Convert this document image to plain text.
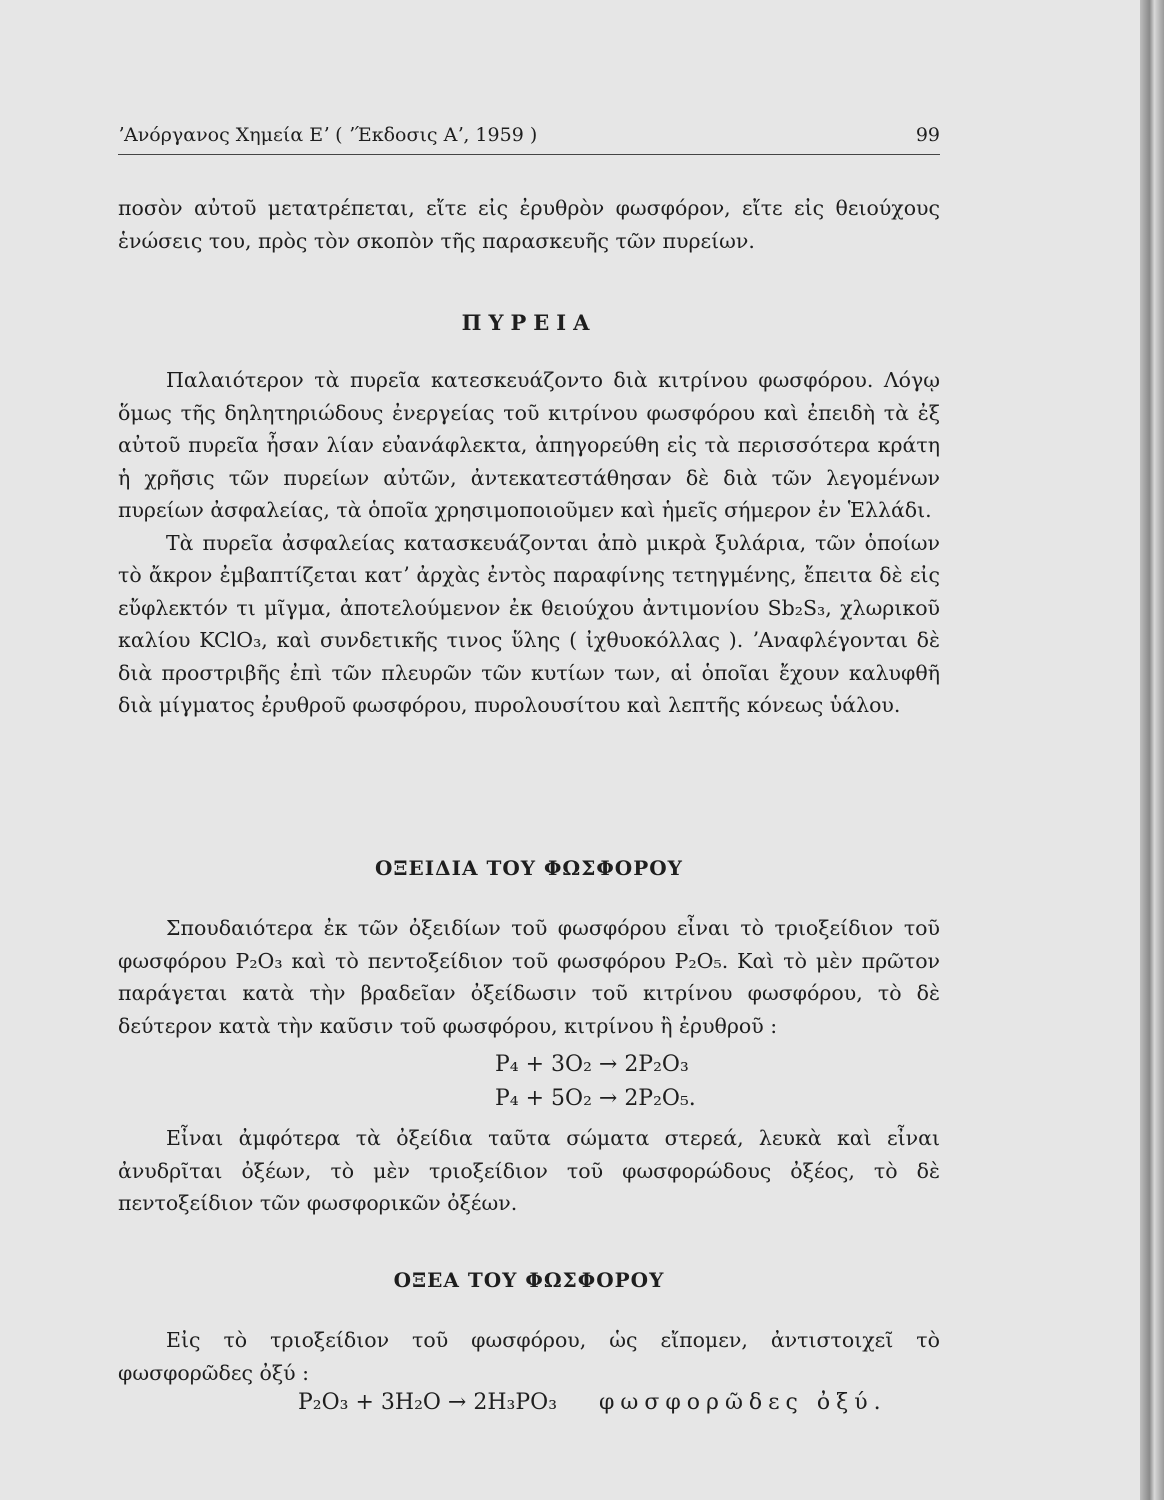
ʼΑνόργανος Χημεία Εʼ ( ʼΈκδοσις Αʼ, 1959 )	99

ποσὸν αὐτοῦ μετατρέπεται, εἴτε εἰς ἐρυθρὸν φωσφόρον, εἴτε εἰς θειούχους ἑνώσεις του, πρὸς τὸν σκοπὸν τῆς παρασκευῆς τῶν πυρείων.

ΠΥΡΕΙΑ

Παλαιότερον τὰ πυρεῖα κατεσκευάζοντο διὰ κιτρίνου φωσφόρου. Λόγῳ ὅμως τῆς δηλητηριώδους ἐνεργείας τοῦ κιτρίνου φωσφόρου καὶ ἐπειδὴ τὰ ἐξ αὐτοῦ πυρεῖα ἦσαν λίαν εὐανάφλεκτα, ἀπηγορεύθη εἰς τὰ περισσότερα κράτη ἡ χρῆσις τῶν πυρείων αὐτῶν, ἀντεκατεστάθησαν δὲ διὰ τῶν λεγομένων πυρείων ἀσφαλείας, τὰ ὁποῖα χρησιμοποιοῦμεν καὶ ἡμεῖς σήμερον ἐν Ἑλλάδι.

Τὰ πυρεῖα ἀσφαλείας κατασκευάζονται ἀπὸ μικρὰ ξυλάρια, τῶν ὁποίων τὸ ἄκρον ἐμβαπτίζεται κατʼ ἀρχὰς ἐντὸς παραφίνης τετηγμένης, ἔπειτα δὲ εἰς εὔφλεκτόν τι μῖγμα, ἀποτελούμενον ἐκ θειούχου ἀντιμονίου Sb₂S₃, χλωρικοῦ καλίου KClO₃, καὶ συνδετικῆς τινος ὕλης ( ἰχθυοκόλλας ). ʼΑναφλέγονται δὲ διὰ προστριβῆς ἐπὶ τῶν πλευρῶν τῶν κυτίων των, αἱ ὁποῖαι ἔχουν καλυφθῆ διὰ μίγματος ἐρυθροῦ φωσφόρου, πυρολουσίτου καὶ λεπτῆς κόνεως ὑάλου.

ΟΞΕΙΔΙΑ ΤΟΥ ΦΩΣΦΟΡΟΥ

Σπουδαιότερα ἐκ τῶν ὀξειδίων τοῦ φωσφόρου εἶναι τὸ τριοξείδιον τοῦ φωσφόρου P₂O₃ καὶ τὸ πεντοξείδιον τοῦ φωσφόρου P₂O₅. Καὶ τὸ μὲν πρῶτον παράγεται κατὰ τὴν βραδεῖαν ὀξείδωσιν τοῦ κιτρίνου φωσφόρου, τὸ δὲ δεύτερον κατὰ τὴν καῦσιν τοῦ φωσφόρου, κιτρίνου ἢ ἐρυθροῦ :

P₄ + 3O₂ → 2P₂O₃
P₄ + 5O₂ → 2P₂O₅.

Εἶναι ἀμφότερα τὰ ὀξείδια ταῦτα σώματα στερεά, λευκὰ καὶ εἶναι ἀνυδρῖται ὀξέων, τὸ μὲν τριοξείδιον τοῦ φωσφορώδους ὀξέος, τὸ δὲ πεντοξείδιον τῶν φωσφορικῶν ὀξέων.

ΟΞΕΑ ΤΟΥ ΦΩΣΦΟΡΟΥ

Εἰς τὸ τριοξείδιον τοῦ φωσφόρου, ὡς εἴπομεν, ἀντιστοιχεῖ τὸ φωσφορῶδες ὀξύ :

P₂O₃ + 3H₂O → 2H₃PO₃ φωσφορῶδες ὀξύ.
